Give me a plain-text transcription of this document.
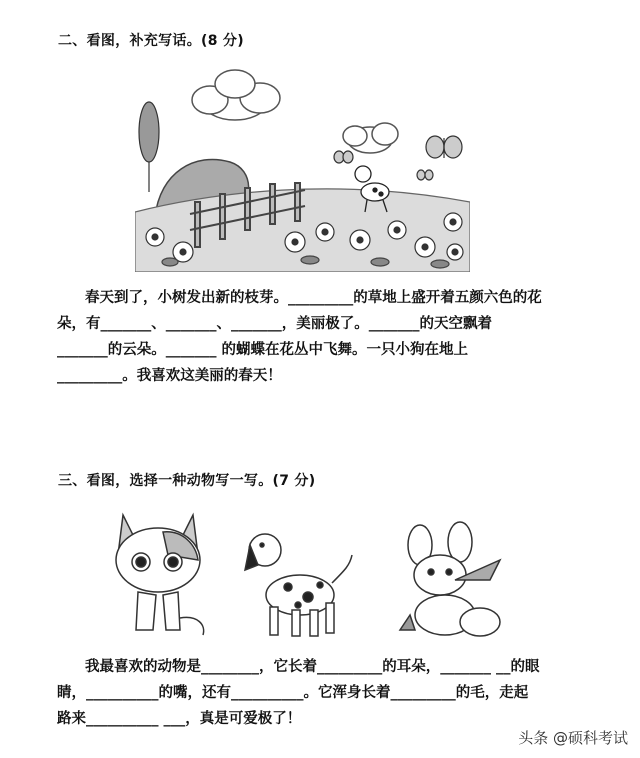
二、看图，补充写话。(8 分)
春天到了，小树发出新的枝芽。_________的草地上盛开着五颜六色的花
朵，有_______、_______、_______，美丽极了。_______的天空飘着
_______的云朵。_______ 的蝴蝶在花丛中飞舞。一只小狗在地上
_________。我喜欢这美丽的春天！
三、看图，选择一种动物写一写。(7 分)
我最喜欢的动物是________，它长着_________的耳朵，_______ __的眼
睛，__________的嘴，还有__________。它浑身长着_________的毛，走起
路来__________ ___，真是可爱极了！
头条 @硕科考试
